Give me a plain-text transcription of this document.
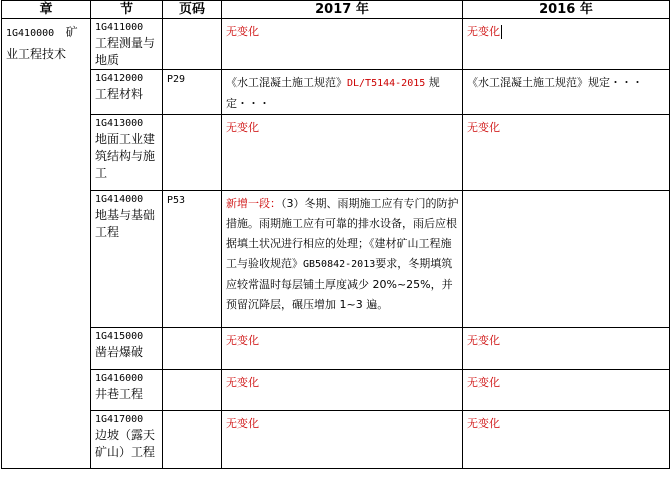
章	节	页码	2017 年	2016 年

1G410000 矿
业工程技术	1G411000
工程测量与地质		无变化	无变化

	1G412000
工程材料	P29	《水工混凝土施工规范》DL/T5144-2015 规定・・・	《水工混凝土施工规范》规定・・・

	1G413000
地面工业建筑结构与施工		无变化	无变化

	1G414000
地基与基础工程	P53	新增一段：（3）冬期、雨期施工应有专门的防护措施。雨期施工应有可靠的排水设备，雨后应根据填土状况进行相应的处理；《建材矿山工程施工与验收规范》GB50842-2013要求，冬期填筑应较常温时每层铺土厚度减少 20%~25%，并预留沉降层，碾压增加 1~3 遍。	

	1G415000
凿岩爆破		无变化	无变化

	1G416000
井巷工程		无变化	无变化

	1G417000
边坡（露天矿山）工程		无变化	无变化
